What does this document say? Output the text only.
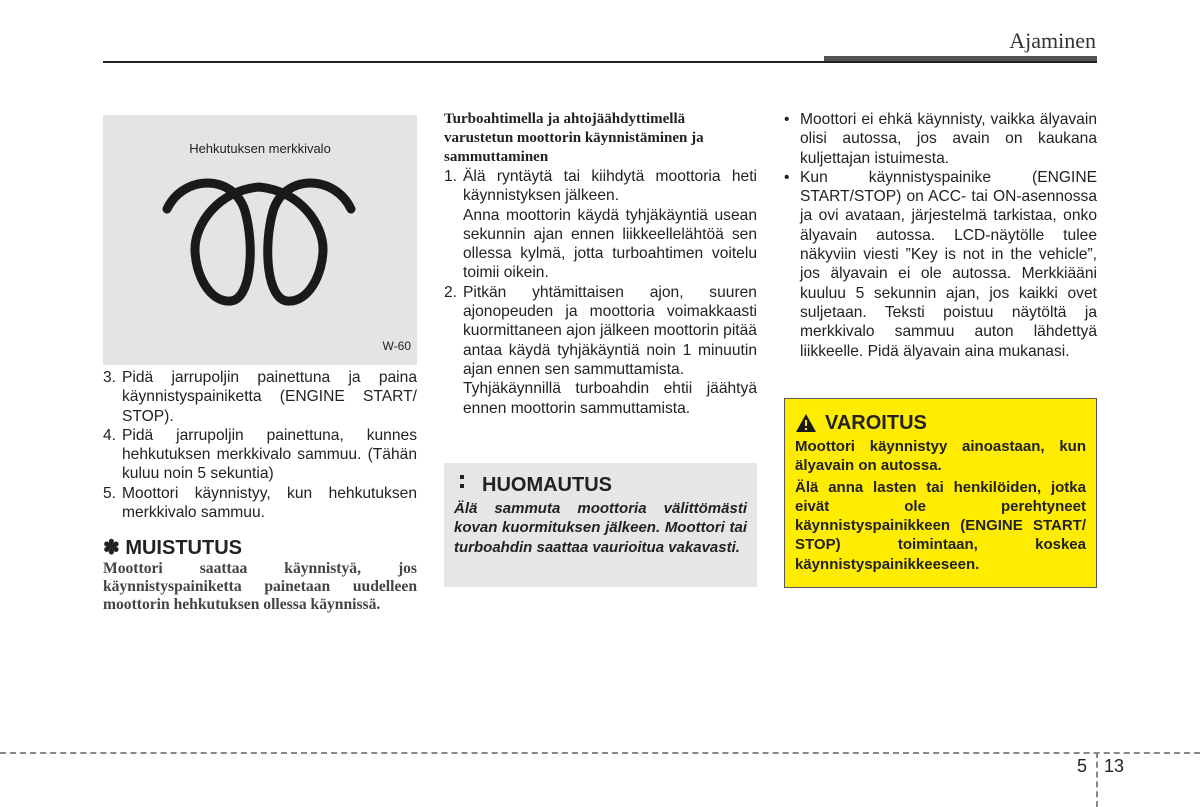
Ajaminen
Hehkutuksen merkkivalo
W-60
3. Pidä jarrupoljin painettuna ja paina käynnistyspainiketta (ENGINE START/ STOP).
4. Pidä jarrupoljin painettuna, kunnes hehkutuksen merkkivalo sammuu. (Tähän kuluu noin 5 sekuntia)
5. Moottori käynnistyy, kun hehkutuksen merkkivalo sammuu.
✽ MUISTUTUS
Moottori saattaa käynnistyä, jos käynnistyspainiketta painetaan uudelleen moottorin hehkutuksen ollessa käynnissä.
Turboahtimella ja ahtojäähdyttimellä varustetun moottorin käynnistäminen ja sammuttaminen
1. Älä ryntäytä tai kiihdytä moottoria heti käynnistyksen jälkeen.
Anna moottorin käydä tyhjäkäyntiä usean sekunnin ajan ennen liikkeellelähtöä sen ollessa kylmä, jotta turboahtimen voitelu toimii oikein.
2. Pitkän yhtämittaisen ajon, suuren ajonopeuden ja moottoria voimakkaasti kuormittaneen ajon jälkeen moottorin pitää antaa käydä tyhjäkäyntiä noin 1 minuutin ajan ennen sen sammuttamista.
Tyhjäkäynnillä turboahdin ehtii jäähtyä ennen moottorin sammuttamista.
HUOMAUTUS
Älä sammuta moottoria välittömästi kovan kuormituksen jälkeen. Moottori tai turboahdin saattaa vaurioitua vakavasti.
• Moottori ei ehkä käynnisty, vaikka älyavain olisi autossa, jos avain on kaukana kuljettajan istuimesta.
• Kun käynnistyspainike (ENGINE START/STOP) on ACC- tai ON-asennossa ja ovi avataan, järjestelmä tarkistaa, onko älyavain autossa. LCD-näytölle tulee näkyviin viesti ”Key is not in the vehicle”, jos älyavain ei ole autossa. Merkkiääni kuuluu 5 sekunnin ajan, jos kaikki ovet suljetaan. Teksti poistuu näytöltä ja merkkivalo sammuu auton lähdettyä liikkeelle. Pidä älyavain aina mukanasi.
VAROITUS
Moottori käynnistyy ainoastaan, kun älyavain on autossa.
Älä anna lasten tai henkilöiden, jotka eivät ole perehtyneet käynnistyspainikkeen (ENGINE START/ STOP) toimintaan, koskea käynnistyspainikkeeseen.
5 13
